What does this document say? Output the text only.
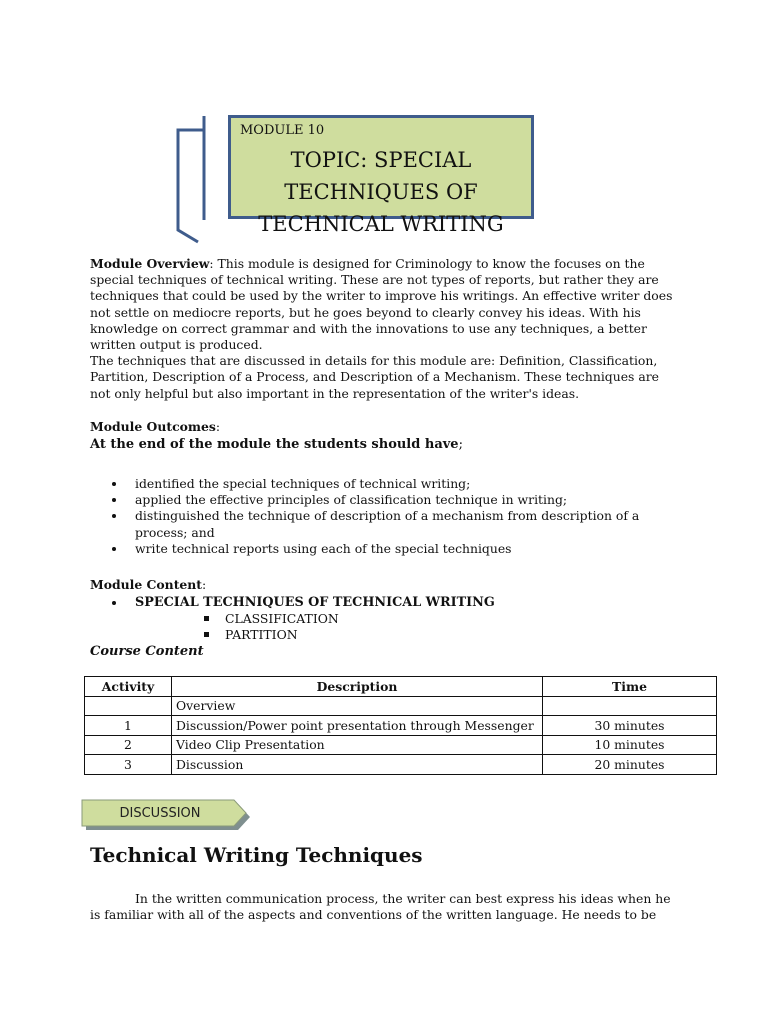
MODULE 10
TOPIC: SPECIAL
TECHNIQUES OF
TECHNICAL WRITING
Module Overview: This module is designed for Criminology to know the focuses on the special techniques of technical writing. These are not types of reports, but rather they are techniques that could be used by the writer to improve his writings. An effective writer does not settle on mediocre reports, but he goes beyond to clearly convey his ideas. With his knowledge on correct grammar and with the innovations to use any techniques, a better written output is produced.
The techniques that are discussed in details for this module are: Definition, Classification, Partition, Description of a Process, and Description of a Mechanism. These techniques are not only helpful but also important in the representation of the writer's ideas.
Module Outcomes:
At the end of the module the students should have;
identified the special techniques of technical writing;
applied the effective principles of classification technique in writing;
distinguished the technique of description of a mechanism from description of a process; and
write technical reports using each of the special techniques
Module Content:
SPECIAL TECHNIQUES OF TECHNICAL WRITING
CLASSIFICATION
PARTITION
Course Content
Activity	Description	Time
	Overview	
1	Discussion/Power point presentation through Messenger	30 minutes
2	Video Clip Presentation	10 minutes
3	Discussion	20 minutes
DISCUSSION
Technical Writing Techniques
In the written communication process, the writer can best express his ideas when he is familiar with all of the aspects and conventions of the written language. He needs to be
